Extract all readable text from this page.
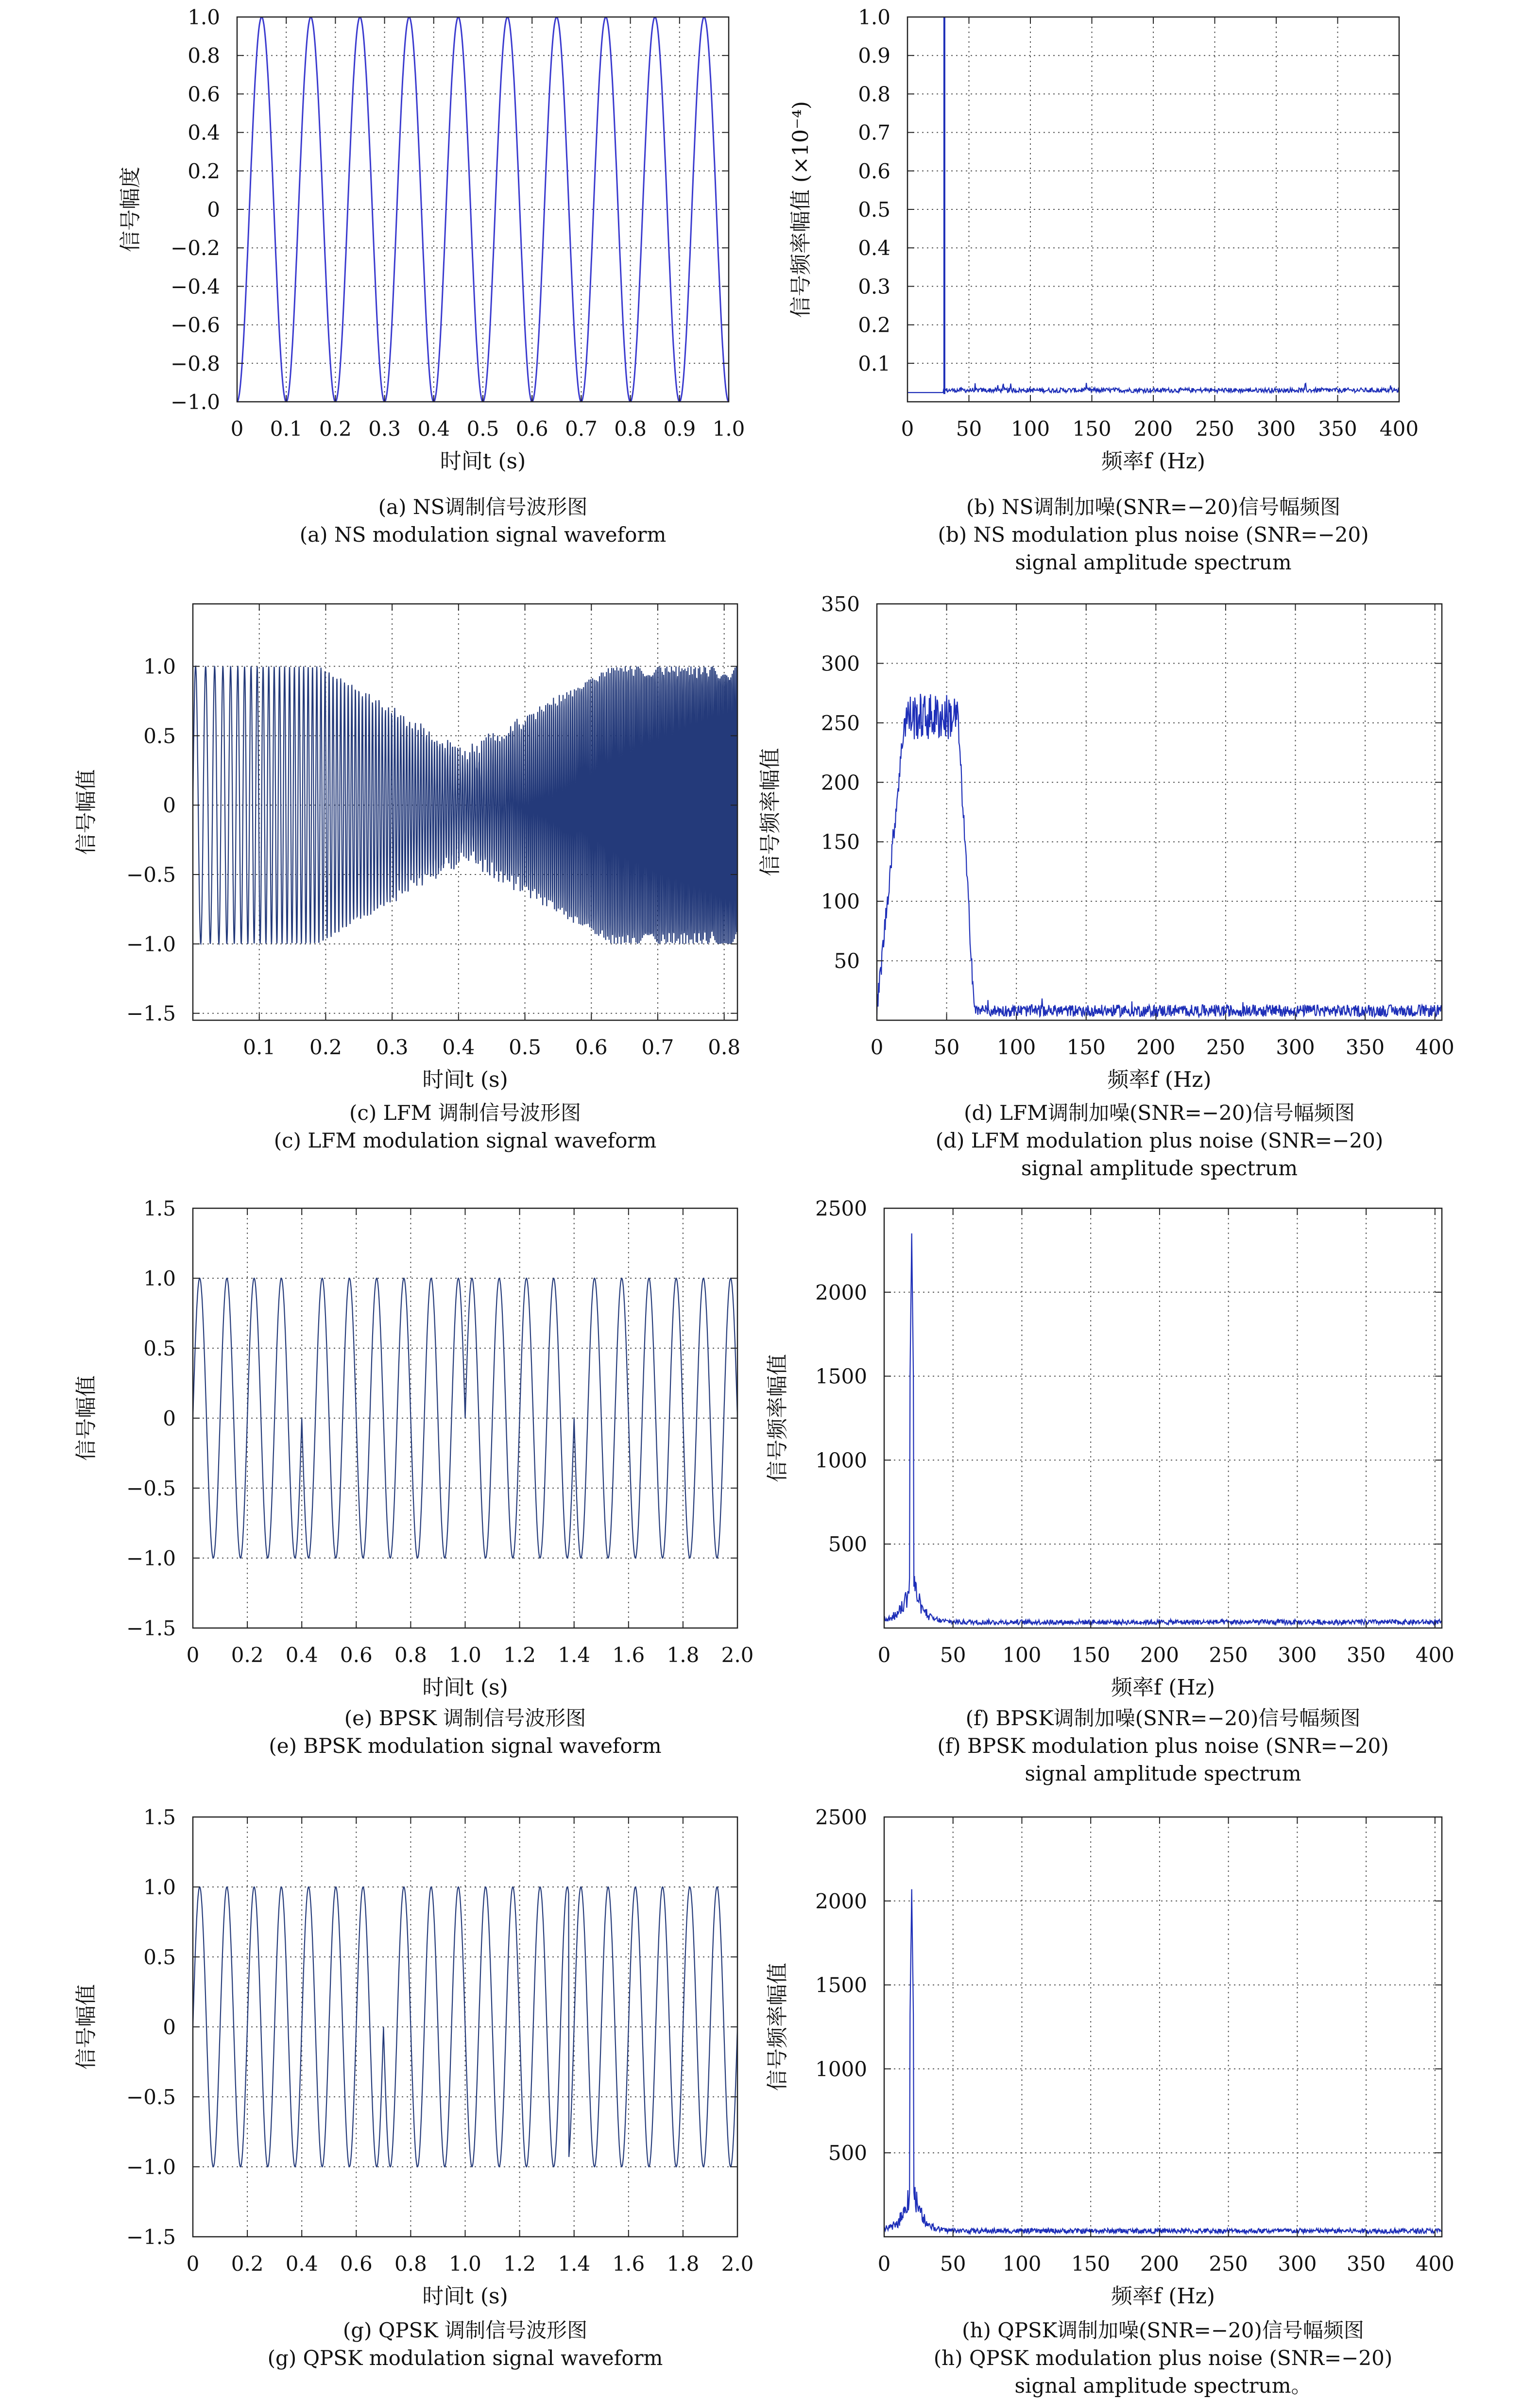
0 0.1 0.2 0.3 0.4 0.5 0.6 0.7 0.8 0.9 1.0
−1.0
−0.8
−0.6
−0.4
−0.2
0
0.2
0.4
0.6
0.8
1.0
时间t (s)
信号幅度
0 50 100 150 200 250 300 350 400
0.1
0.2
0.3
0.4
0.5
0.6
0.7
0.8
0.9
1.0
频率f (Hz)
信号频率幅值 (×10⁻⁴)
0.1 0.2 0.3 0.4 0.5 0.6 0.7 0.8
−1.5
−1.0
−0.5
0
0.5
1.0
时间t (s)
信号幅值
0 50 100 150 200 250 300 350 400
50
100
150
200
250
300
350
频率f (Hz)
信号频率幅值
0 0.2 0.4 0.6 0.8 1.0 1.2 1.4 1.6 1.8 2.0
−1.5
−1.0
−0.5
0
0.5
1.0
1.5
时间t (s)
信号幅值
0 50 100 150 200 250 300 350 400
500
1000
1500
2000
2500
频率f (Hz)
信号频率幅值
0 0.2 0.4 0.6 0.8 1.0 1.2 1.4 1.6 1.8 2.0
−1.5
−1.0
−0.5
0
0.5
1.0
1.5
时间t (s)
信号幅值
0 50 100 150 200 250 300 350 400
500
1000
1500
2000
2500
频率f (Hz)
信号频率幅值
(a) NS调制信号波形图
(a) NS modulation signal waveform
(b) NS调制加噪(SNR=−20)信号幅频图
(b) NS modulation plus noise (SNR=−20)
signal amplitude spectrum
(c) LFM 调制信号波形图
(c) LFM modulation signal waveform
(d) LFM调制加噪(SNR=−20)信号幅频图
(d) LFM modulation plus noise (SNR=−20)
signal amplitude spectrum
(e) BPSK 调制信号波形图
(e) BPSK modulation signal waveform
(f) BPSK调制加噪(SNR=−20)信号幅频图
(f) BPSK modulation plus noise (SNR=−20)
signal amplitude spectrum
(g) QPSK 调制信号波形图
(g) QPSK modulation signal waveform
(h) QPSK调制加噪(SNR=−20)信号幅频图
(h) QPSK modulation plus noise (SNR=−20)
signal amplitude spectrum。
